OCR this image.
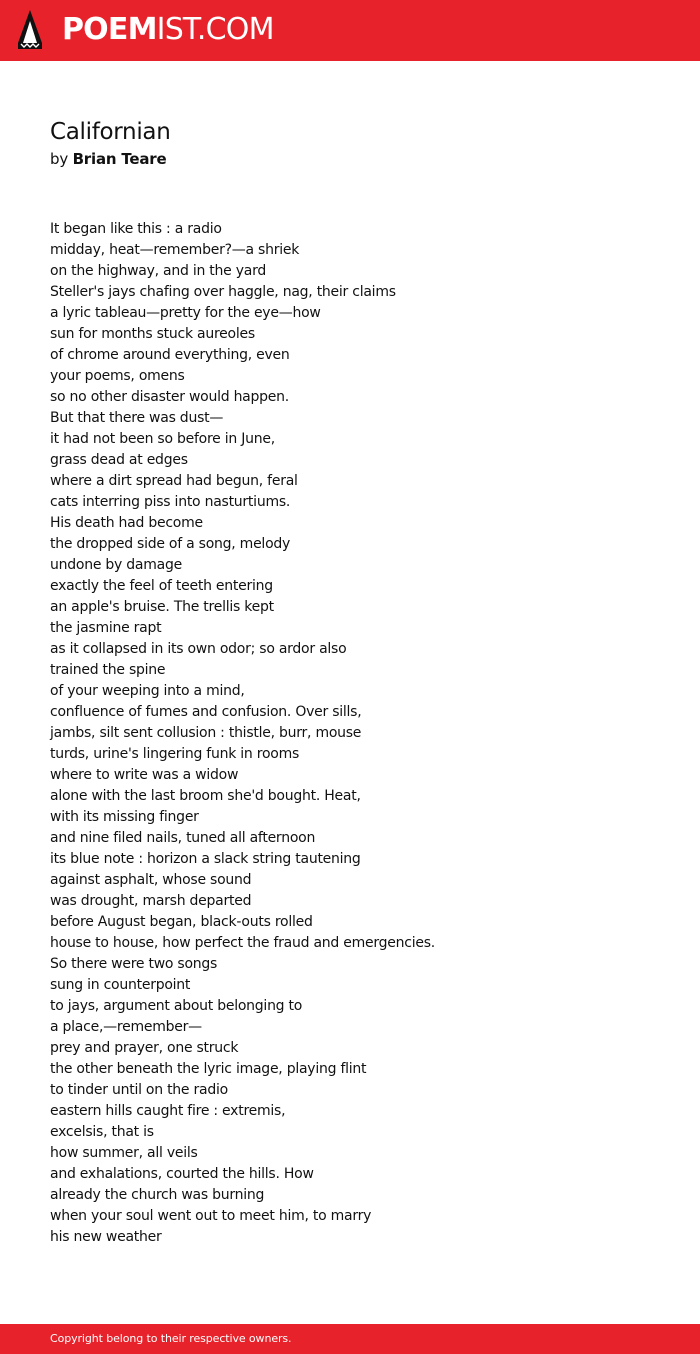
POEMIST.COM
Californian
by Brian Teare
It began like this : a radio
midday, heat—remember?—a shriek
on the highway, and in the yard
Steller's jays chafing over haggle, nag, their claims
a lyric tableau—pretty for the eye—how
sun for months stuck aureoles
of chrome around everything, even
your poems, omens
so no other disaster would happen.
But that there was dust—
it had not been so before in June,
grass dead at edges
where a dirt spread had begun, feral
cats interring piss into nasturtiums.
His death had become
the dropped side of a song, melody
undone by damage
exactly the feel of teeth entering
an apple's bruise. The trellis kept
the jasmine rapt
as it collapsed in its own odor; so ardor also
trained the spine
of your weeping into a mind,
confluence of fumes and confusion. Over sills,
jambs, silt sent collusion : thistle, burr, mouse
turds, urine's lingering funk in rooms
where to write was a widow
alone with the last broom she'd bought. Heat,
with its missing finger
and nine filed nails, tuned all afternoon
its blue note : horizon a slack string tautening
against asphalt, whose sound
was drought, marsh departed
before August began, black-outs rolled
house to house, how perfect the fraud and emergencies.
So there were two songs
sung in counterpoint
to jays, argument about belonging to
a place,—remember—
prey and prayer, one struck
the other beneath the lyric image, playing flint
to tinder until on the radio
eastern hills caught fire : extremis,
excelsis, that is
how summer, all veils
and exhalations, courted the hills. How
already the church was burning
when your soul went out to meet him, to marry
his new weather
Copyright belong to their respective owners.
